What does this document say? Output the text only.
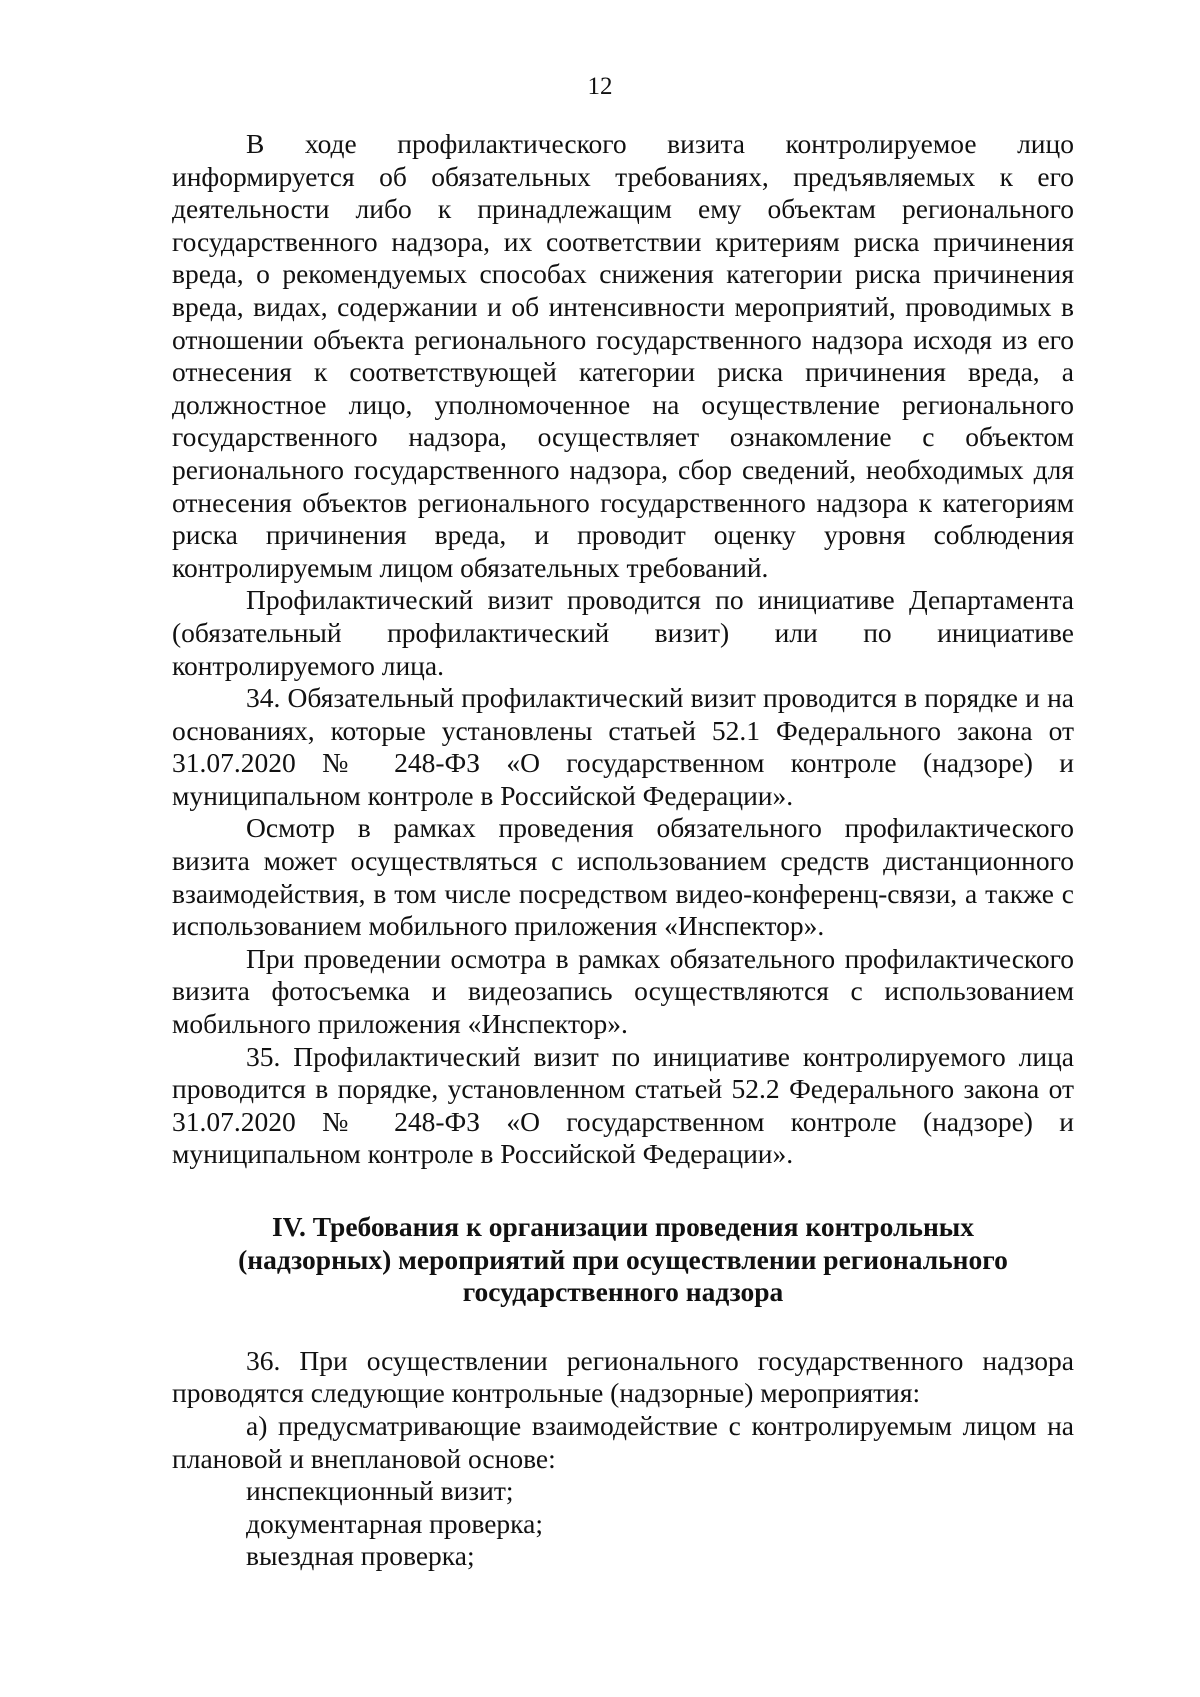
12

В ходе профилактического визита контролируемое лицо информируется об обязательных требованиях, предъявляемых к его деятельности либо к принадлежащим ему объектам регионального государственного надзора, их соответствии критериям риска причинения вреда, о рекомендуемых способах снижения категории риска причинения вреда, видах, содержании и об интенсивности мероприятий, проводимых в отношении объекта регионального государственного надзора исходя из его отнесения к соответствующей категории риска причинения вреда, а должностное лицо, уполномоченное на осуществление регионального государственного надзора, осуществляет ознакомление с объектом регионального государственного надзора, сбор сведений, необходимых для отнесения объектов регионального государственного надзора к категориям риска причинения вреда, и проводит оценку уровня соблюдения контролируемым лицом обязательных требований.

Профилактический визит проводится по инициативе Департамента (обязательный профилактический визит) или по инициативе контролируемого лица.

34. Обязательный профилактический визит проводится в порядке и на основаниях, которые установлены статьей 52.1 Федерального закона от 31.07.2020 № 248-ФЗ «О государственном контроле (надзоре) и муниципальном контроле в Российской Федерации».

Осмотр в рамках проведения обязательного профилактического визита может осуществляться с использованием средств дистанционного взаимодействия, в том числе посредством видео-конференц-связи, а также с использованием мобильного приложения «Инспектор».

При проведении осмотра в рамках обязательного профилактического визита фотосъемка и видеозапись осуществляются с использованием мобильного приложения «Инспектор».

35. Профилактический визит по инициативе контролируемого лица проводится в порядке, установленном статьей 52.2 Федерального закона от 31.07.2020 № 248-ФЗ «О государственном контроле (надзоре) и муниципальном контроле в Российской Федерации».

IV. Требования к организации проведения контрольных
(надзорных) мероприятий при осуществлении регионального
государственного надзора

36. При осуществлении регионального государственного надзора проводятся следующие контрольные (надзорные) мероприятия:

а) предусматривающие взаимодействие с контролируемым лицом на плановой и внеплановой основе:

инспекционный визит;

документарная проверка;

выездная проверка;
